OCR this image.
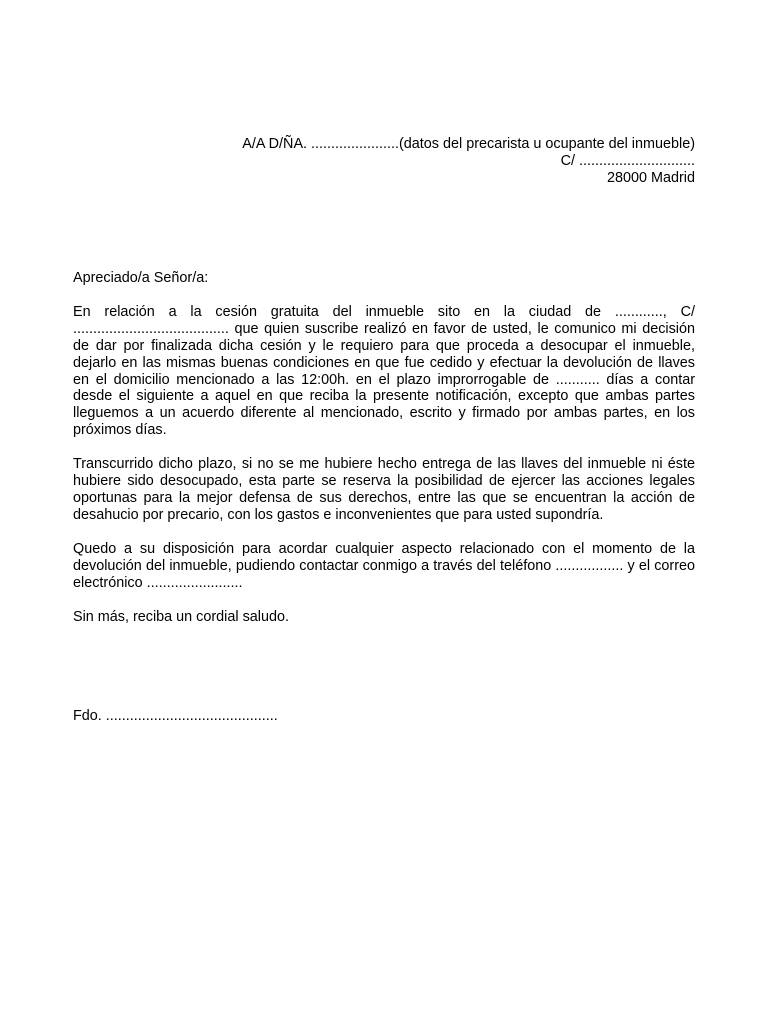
A/A D/ÑA. ......................(datos del precarista u ocupante del inmueble)
C/ .............................
28000 Madrid

Apreciado/a Señor/a:

En relación a la cesión gratuita del inmueble sito en la ciudad de ............, C/ ....................................... que quien suscribe realizó en favor de usted, le comunico mi decisión de dar por finalizada dicha cesión y le requiero para que proceda a desocupar el inmueble, dejarlo en las mismas buenas condiciones en que fue cedido y efectuar la devolución de llaves en el domicilio mencionado a las 12:00h. en el plazo improrrogable de ........... días a contar desde el siguiente a aquel en que reciba la presente notificación, excepto que ambas partes lleguemos a un acuerdo diferente al mencionado, escrito y firmado por ambas partes, en los próximos días.

Transcurrido dicho plazo, si no se me hubiere hecho entrega de las llaves del inmueble ni éste hubiere sido desocupado, esta parte se reserva la posibilidad de ejercer las acciones legales oportunas para la mejor defensa de sus derechos, entre las que se encuentran la acción de desahucio por precario, con los gastos e inconvenientes que para usted supondría.

Quedo a su disposición para acordar cualquier aspecto relacionado con el momento de la devolución del inmueble, pudiendo contactar conmigo a través del teléfono ................. y el correo electrónico ........................

Sin más, reciba un cordial saludo.

Fdo. ...........................................
